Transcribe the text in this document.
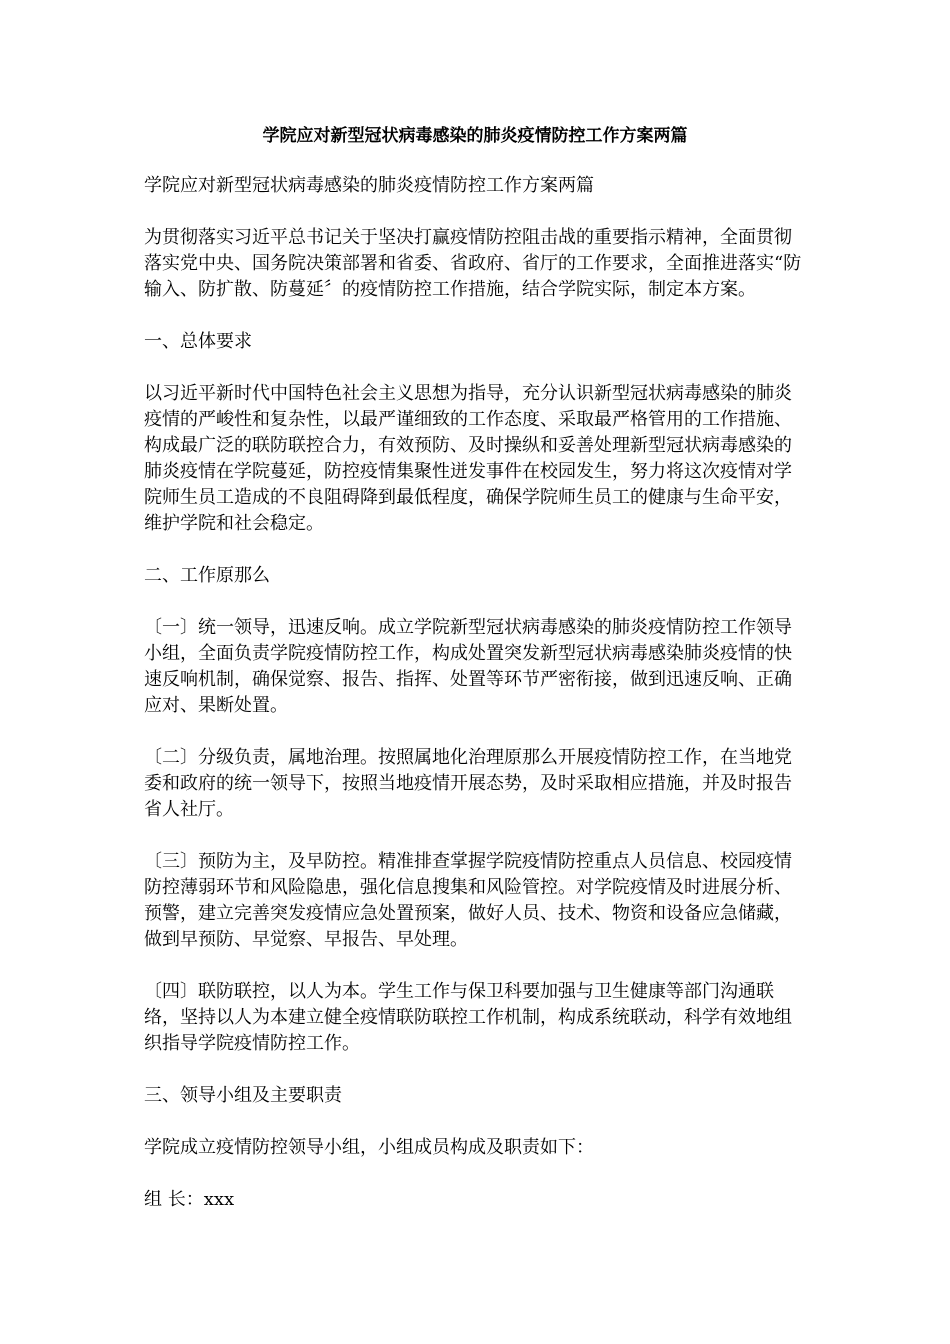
学院应对新型冠状病毒感染的肺炎疫情防控工作方案两篇

学院应对新型冠状病毒感染的肺炎疫情防控工作方案两篇

为贯彻落实习近平总书记关于坚决打赢疫情防控阻击战的重要指示精神，全面贯彻落实党中央、国务院决策部署和省委、省政府、省厅的工作要求，全面推进落实“防输入、防扩散、防蔓延〞的疫情防控工作措施，结合学院实际，制定本方案。

一、总体要求

以习近平新时代中国特色社会主义思想为指导，充分认识新型冠状病毒感染的肺炎疫情的严峻性和复杂性，以最严谨细致的工作态度、采取最严格管用的工作措施、构成最广泛的联防联控合力，有效预防、及时操纵和妥善处理新型冠状病毒感染的肺炎疫情在学院蔓延，防控疫情集聚性迸发事件在校园发生，努力将这次疫情对学院师生员工造成的不良阻碍降到最低程度，确保学院师生员工的健康与生命平安，维护学院和社会稳定。

二、工作原那么

〔一〕统一领导，迅速反响。成立学院新型冠状病毒感染的肺炎疫情防控工作领导小组，全面负责学院疫情防控工作，构成处置突发新型冠状病毒感染肺炎疫情的快速反响机制，确保觉察、报告、指挥、处置等环节严密衔接，做到迅速反响、正确应对、果断处置。

〔二〕分级负责，属地治理。按照属地化治理原那么开展疫情防控工作，在当地党委和政府的统一领导下，按照当地疫情开展态势，及时采取相应措施，并及时报告省人社厅。

〔三〕预防为主，及早防控。精准排查掌握学院疫情防控重点人员信息、校园疫情防控薄弱环节和风险隐患，强化信息搜集和风险管控。对学院疫情及时进展分析、预警，建立完善突发疫情应急处置预案，做好人员、技术、物资和设备应急储藏，做到早预防、早觉察、早报告、早处理。

〔四〕联防联控，以人为本。学生工作与保卫科要加强与卫生健康等部门沟通联络，坚持以人为本建立健全疫情联防联控工作机制，构成系统联动，科学有效地组织指导学院疫情防控工作。

三、领导小组及主要职责

学院成立疫情防控领导小组，小组成员构成及职责如下：

组 长：xxx
